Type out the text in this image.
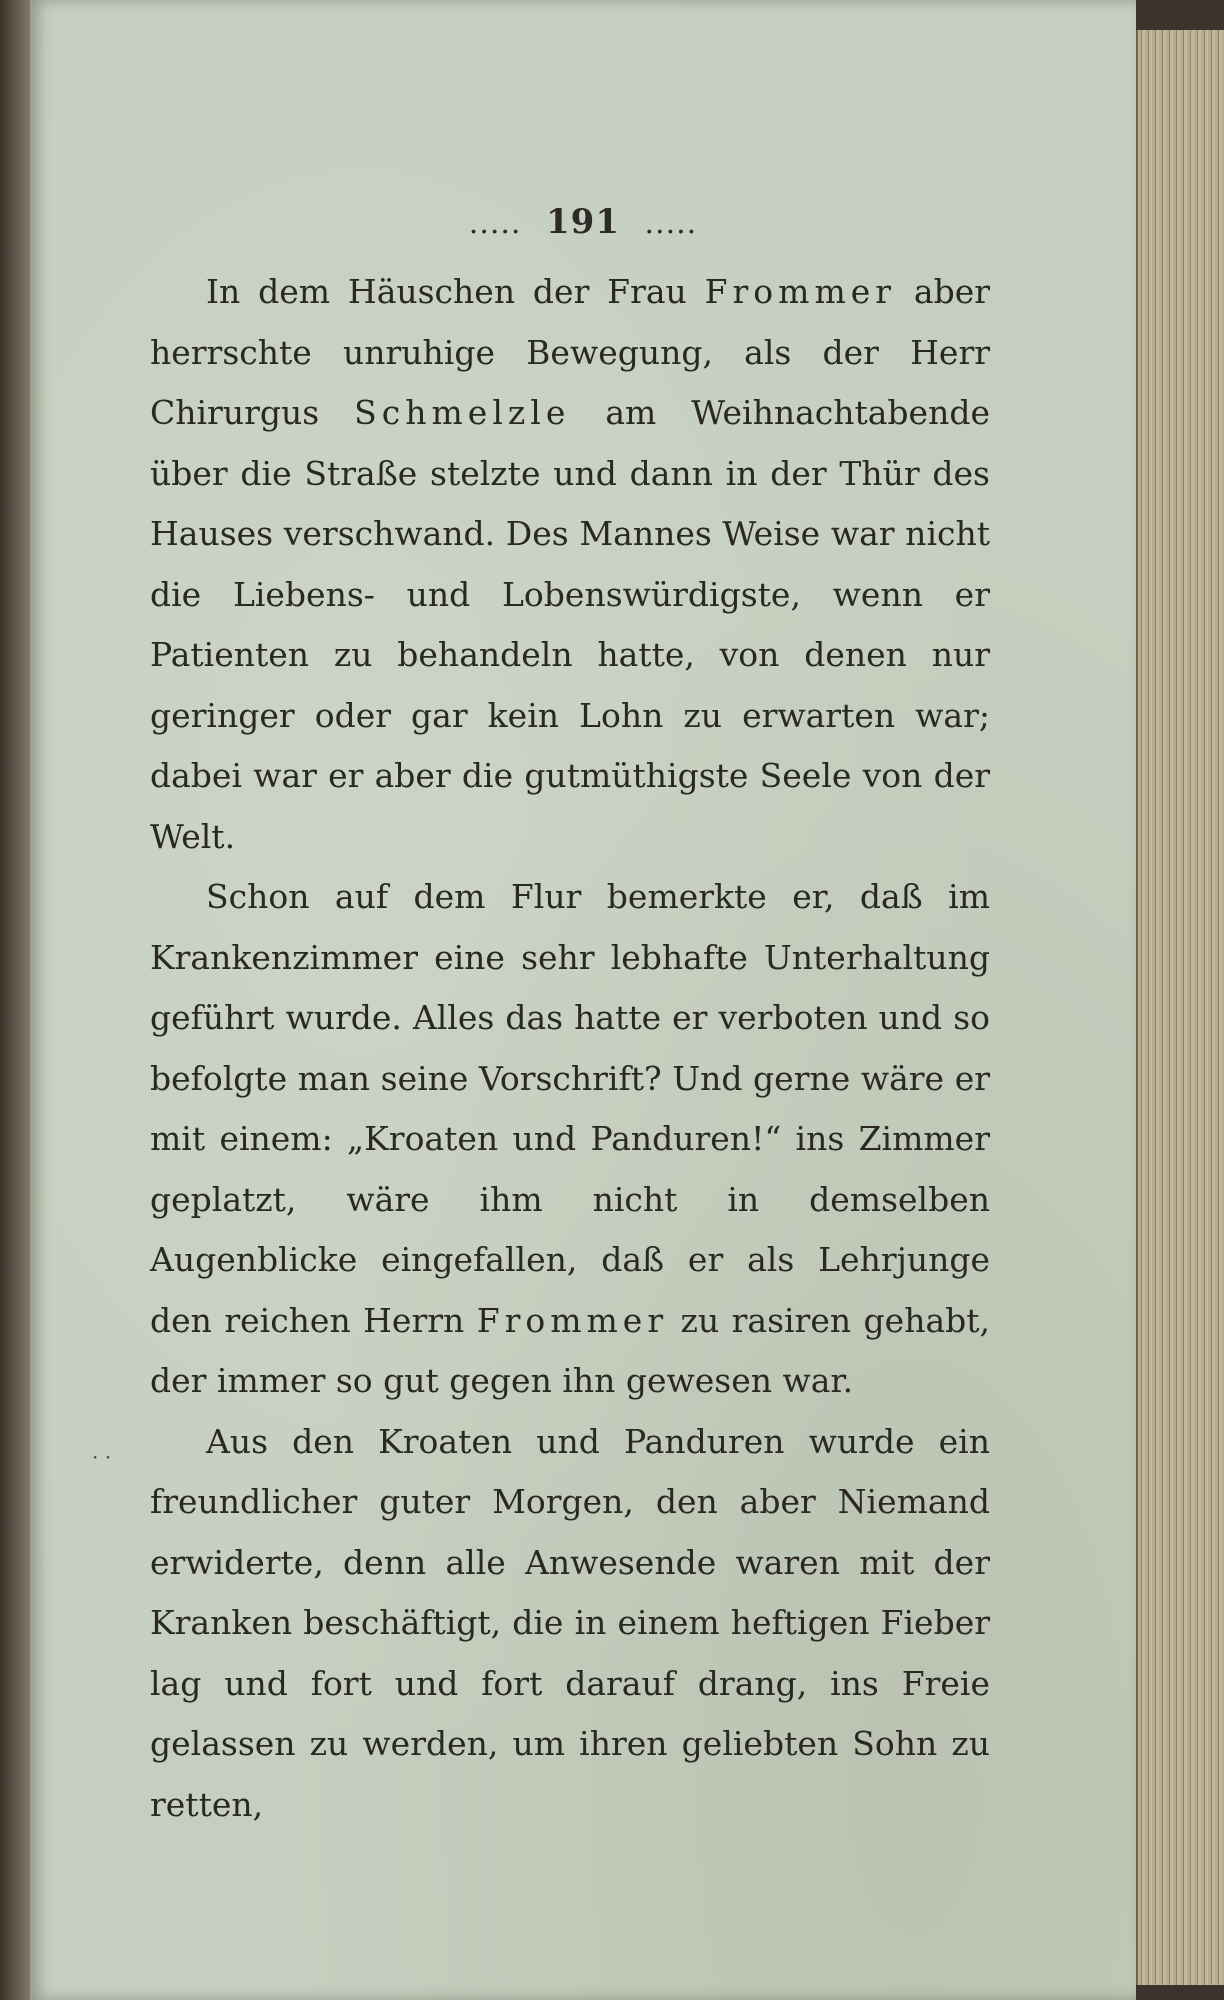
..... 191 .....

In dem Häuschen der Frau Frommer aber herrschte unruhige Bewegung, als der Herr Chirurgus Schmelzle am Weihnachtabende über die Straße stelzte und dann in der Thür des Hauses verschwand. Des Mannes Weise war nicht die Liebens- und Lobenswürdigste, wenn er Patienten zu behandeln hatte, von denen nur geringer oder gar kein Lohn zu erwarten war; dabei war er aber die gutmüthigste Seele von der Welt.

Schon auf dem Flur bemerkte er, daß im Krankenzimmer eine sehr lebhafte Unterhaltung geführt wurde. Alles das hatte er verboten und so befolgte man seine Vorschrift? Und gerne wäre er mit einem: „Kroaten und Panduren!“ ins Zimmer geplatzt, wäre ihm nicht in demselben Augenblicke eingefallen, daß er als Lehrjunge den reichen Herrn Frommer zu rasiren gehabt, der immer so gut gegen ihn gewesen war.

Aus den Kroaten und Panduren wurde ein freundlicher guter Morgen, den aber Niemand erwiderte, denn alle Anwesende waren mit der Kranken beschäftigt, die in einem heftigen Fieber lag und fort und fort darauf drang, ins Freie gelassen zu werden, um ihren geliebten Sohn zu retten,

· ·
